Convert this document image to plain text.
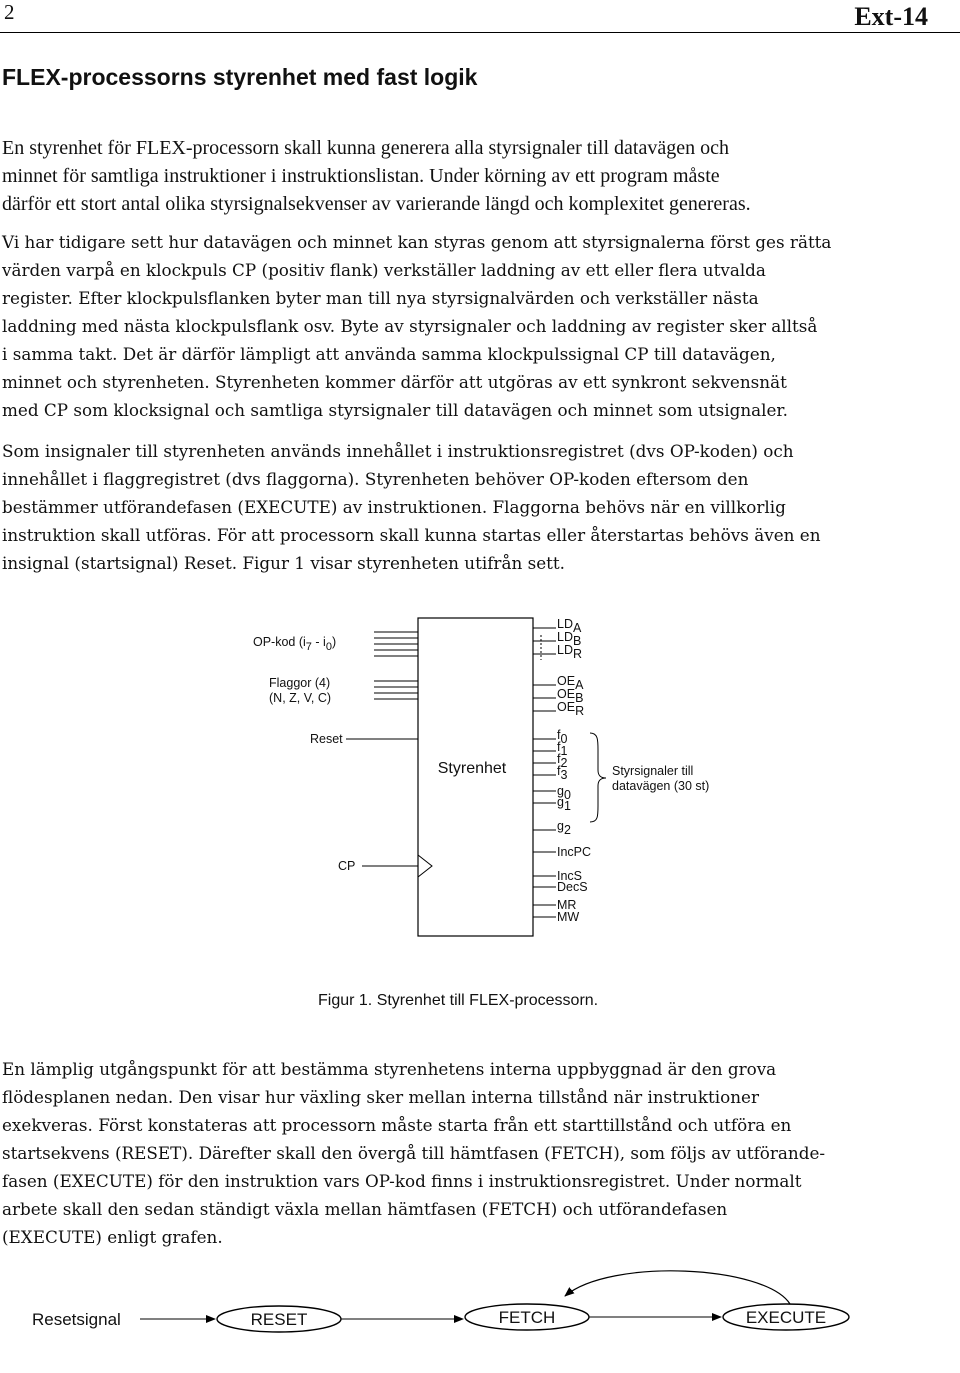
2	Ext-14
FLEX-processorns styrenhet med fast logik

En styrenhet för FLEX-processorn skall kunna generera alla styrsignaler till datavägen och
minnet för samtliga instruktioner i instruktionslistan. Under körning av ett program måste
därför ett stort antal olika styrsignalsekvenser av varierande längd och komplexitet genereras.

Vi har tidigare sett hur datavägen och minnet kan styras genom att styrsignalerna först ges rätta
värden varpå en klockpuls CP (positiv flank) verkställer laddning av ett eller flera utvalda
register. Efter klockpulsflanken byter man till nya styrsignalvärden och verkställer nästa
laddning med nästa klockpulsflank osv. Byte av styrsignaler och laddning av register sker alltså
i samma takt. Det är därför lämpligt att använda samma klockpulssignal CP till datavägen,
minnet och styrenheten. Styrenheten kommer därför att utgöras av ett synkront sekvensnät
med CP som klocksignal och samtliga styrsignaler till datavägen och minnet som utsignaler.

Som insignaler till styrenheten används innehållet i instruktionsregistret (dvs OP-koden) och
innehållet i flaggregistret (dvs flaggorna). Styrenheten behöver OP-koden eftersom den
bestämmer utförandefasen (EXECUTE) av instruktionen. Flaggorna behövs när en villkorlig
instruktion skall utföras. För att processorn skall kunna startas eller återstartas behövs även en
insignal (startsignal) Reset. Figur 1 visar styrenheten utifrån sett.

Styrenhet
OP-kod (i7 - i0)
Flaggor (4)
(N, Z, V, C)
Reset
CP
LDA
LDB
LDR
OEA
OEB
OER
f0
f1
f2
f3
g0
g1
g2
IncPC
IncS
DecS
MR
MW
Styrsignaler till
datavägen (30 st)
Figur 1. Styrenhet till FLEX-processorn.

En lämplig utgångspunkt för att bestämma styrenhetens interna uppbyggnad är den grova
flödesplanen nedan. Den visar hur växling sker mellan interna tillstånd när instruktioner
exekveras. Först konstateras att processorn måste starta från ett starttillstånd och utföra en
startsekvens (RESET). Därefter skall den övergå till hämtfasen (FETCH), som följs av utförande-
fasen (EXECUTE) för den instruktion vars OP-kod finns i instruktionsregistret. Under normalt
arbete skall den sedan ständigt växla mellan hämtfasen (FETCH) och utförandefasen
(EXECUTE) enligt grafen.

Resetsignal	RESET	FETCH	EXECUTE
